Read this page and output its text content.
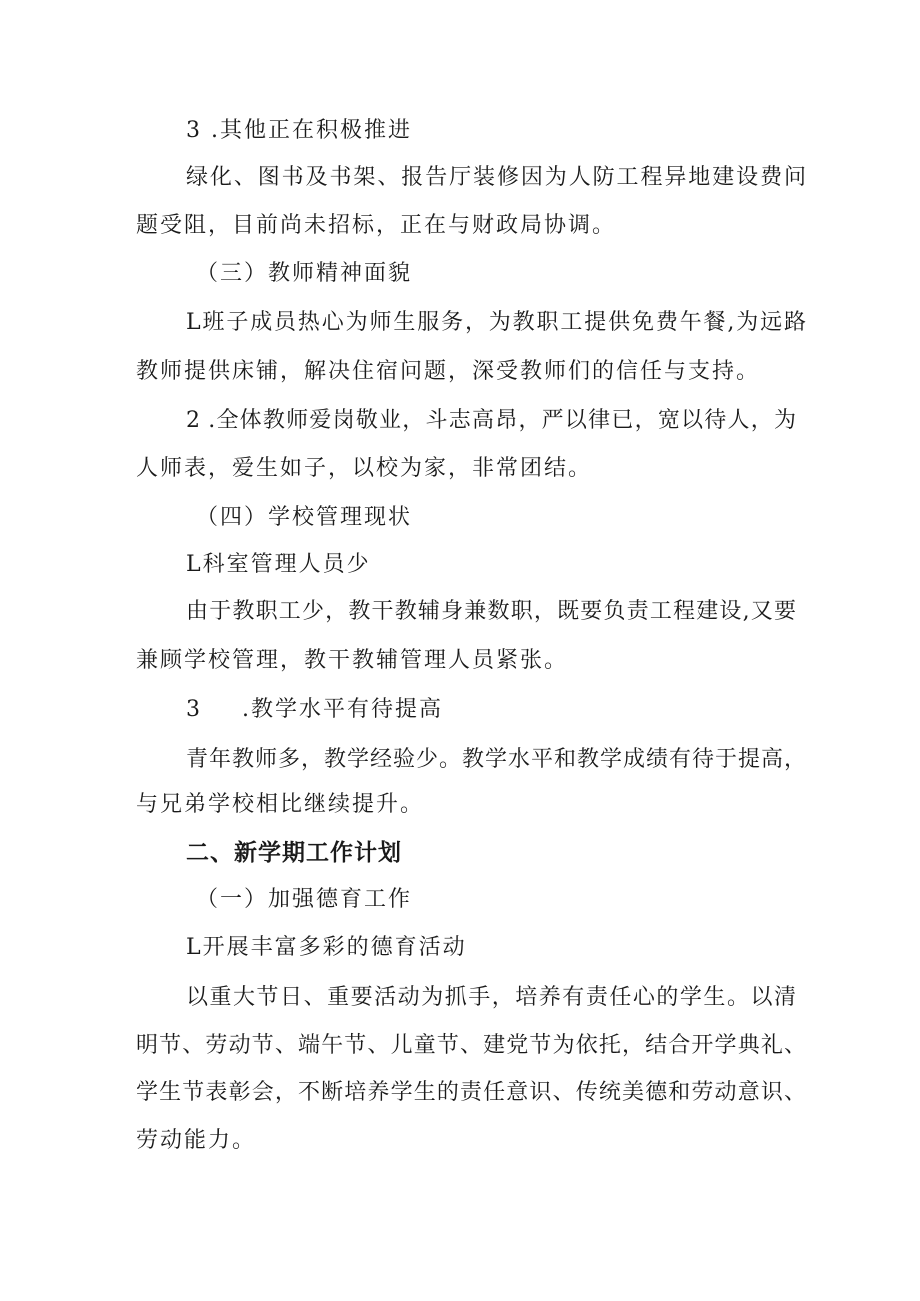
3 .其他正在积极推进

绿化、图书及书架、报告厅装修因为人防工程异地建设费问

题受阻，目前尚未招标，正在与财政局协调。

（三）教师精神面貌

L班子成员热心为师生服务，为教职工提供免费午餐,为远路

教师提供床铺，解决住宿问题，深受教师们的信任与支持。

2 .全体教师爱岗敬业，斗志高昂，严以律已，宽以待人，为

人师表，爱生如子，以校为家，非常团结。

（四）学校管理现状

L科室管理人员少

由于教职工少，教干教辅身兼数职，既要负责工程建设,又要

兼顾学校管理，教干教辅管理人员紧张。

3 .教学水平有待提高

青年教师多，教学经验少。教学水平和教学成绩有待于提高，

与兄弟学校相比继续提升。

二、新学期工作计划

（一）加强德育工作

L开展丰富多彩的德育活动

以重大节日、重要活动为抓手，培养有责任心的学生。以清

明节、劳动节、端午节、儿童节、建党节为依托，结合开学典礼、

学生节表彰会，不断培养学生的责任意识、传统美德和劳动意识、

劳动能力。
